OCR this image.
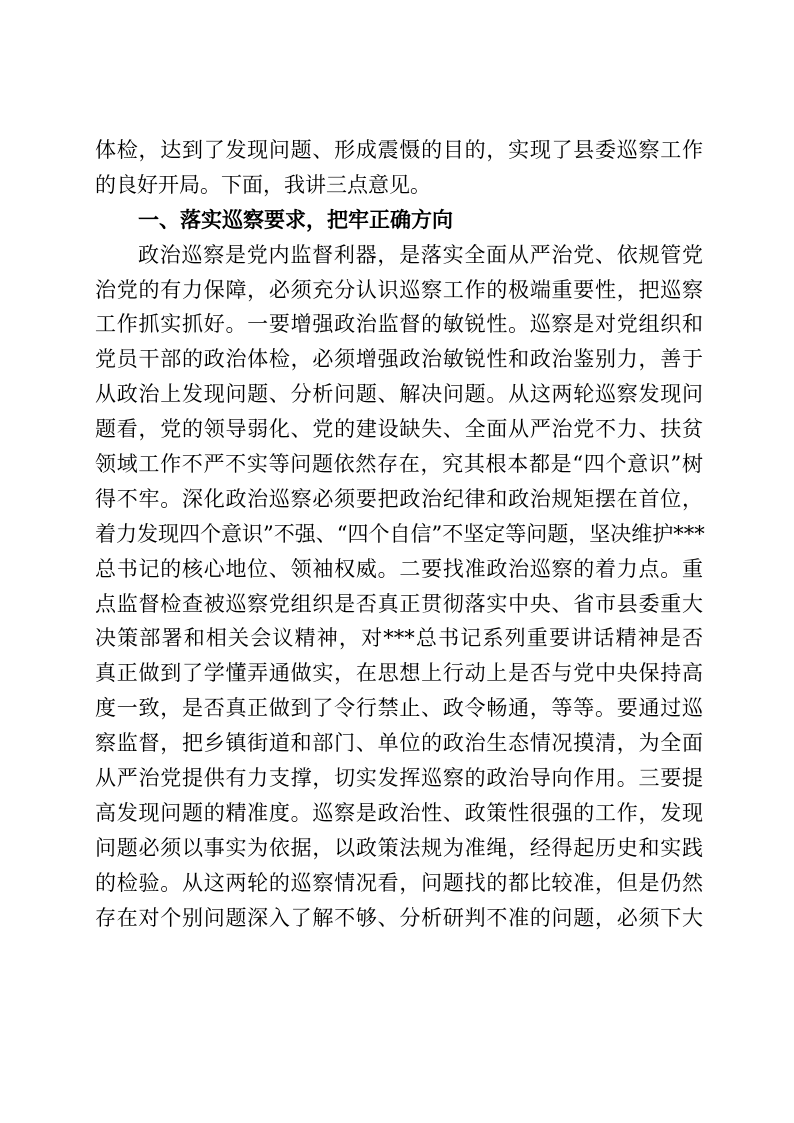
体检，达到了发现问题、形成震慑的目的，实现了县委巡察工作
的良好开局。下面，我讲三点意见。
一、落实巡察要求，把牢正确方向
政治巡察是党内监督利器，是落实全面从严治党、依规管党
治党的有力保障，必须充分认识巡察工作的极端重要性，把巡察
工作抓实抓好。一要增强政治监督的敏锐性。巡察是对党组织和
党员干部的政治体检，必须增强政治敏锐性和政治鉴别力，善于
从政治上发现问题、分析问题、解决问题。从这两轮巡察发现问
题看，党的领导弱化、党的建设缺失、全面从严治党不力、扶贫
领域工作不严不实等问题依然存在，究其根本都是“四个意识”树
得不牢。深化政治巡察必须要把政治纪律和政治规矩摆在首位，
着力发现四个意识”不强、“四个自信”不坚定等问题，坚决维护***
总书记的核心地位、领袖权威。二要找准政治巡察的着力点。重
点监督检查被巡察党组织是否真正贯彻落实中央、省市县委重大
决策部署和相关会议精神，对***总书记系列重要讲话精神是否
真正做到了学懂弄通做实，在思想上行动上是否与党中央保持高
度一致，是否真正做到了令行禁止、政令畅通，等等。要通过巡
察监督，把乡镇街道和部门、单位的政治生态情况摸清，为全面
从严治党提供有力支撑，切实发挥巡察的政治导向作用。三要提
高发现问题的精准度。巡察是政治性、政策性很强的工作，发现
问题必须以事实为依据，以政策法规为准绳，经得起历史和实践
的检验。从这两轮的巡察情况看，问题找的都比较准，但是仍然
存在对个别问题深入了解不够、分析研判不准的问题，必须下大
